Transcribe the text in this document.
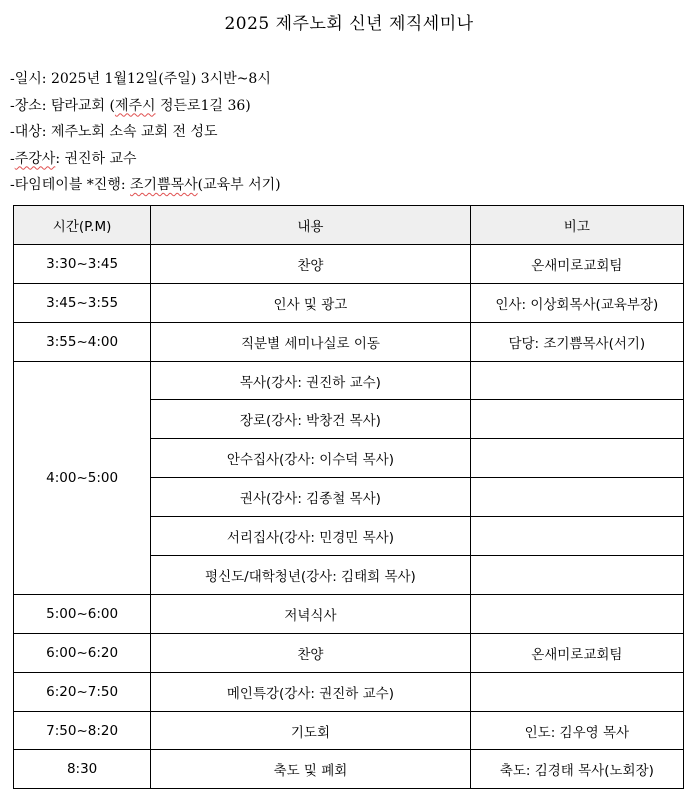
2025 제주노회 신년 제직세미나
-일시: 2025년 1월12일(주일) 3시반~8시
-장소: 탐라교회 (제주시 정든로1길 36)
-대상: 제주노회 소속 교회 전 성도
-주강사: 권진하 교수
-타임테이블 *진행: 조기쁨목사(교육부 서기)
시간(P.M)	내용	비고
3:30~3:45	찬양	온새미로교회팀
3:45~3:55	인사 및 광고	인사: 이상회목사(교육부장)
3:55~4:00	직분별 세미나실로 이동	담당: 조기쁨목사(서기)
4:00~5:00	목사(강사: 권진하 교수)	
	장로(강사: 박창건 목사)	
	안수집사(강사: 이수덕 목사)	
	권사(강사: 김종철 목사)	
	서리집사(강사: 민경민 목사)	
	평신도/대학청년(강사: 김태희 목사)	
5:00~6:00	저녁식사	
6:00~6:20	찬양	온새미로교회팀
6:20~7:50	메인특강(강사: 권진하 교수)	
7:50~8:20	기도회	인도: 김우영 목사
8:30	축도 및 폐회	축도: 김경태 목사(노회장)
